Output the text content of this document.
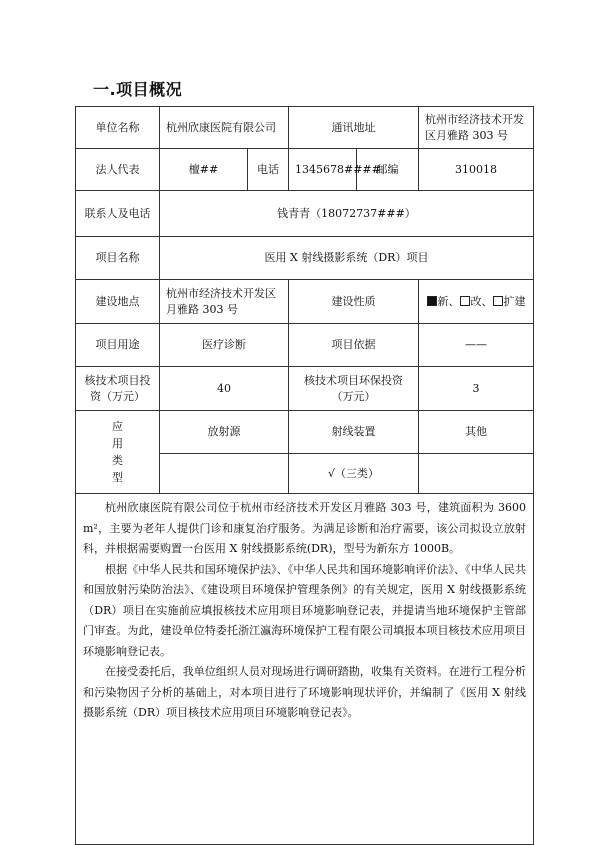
一.项目概况
单位名称	杭州欣康医院有限公司		通讯地址		杭州市经济技术开发区月雅路 303 号
法人代表	檀##	电话	1345678####	邮编	310018
联系人及电话	钱青青（18072737###）				
项目名称	医用 X 射线摄影系统（DR）项目				
建设地点	杭州市经济技术开发区月雅路 303 号		建设性质		新、 改、 扩建
项目用途	医疗诊断		项目依据		——
核技术项目投资（万元）	40		核技术项目环保投资（万元）		3
应
用
类
型	放射源		射线装置		其他
			√（三类）		

杭州欣康医院有限公司位于杭州市经济技术开发区月雅路 303 号，建筑面积为 3600 m²，主要为老年人提供门诊和康复治疗服务。为满足诊断和治疗需要，该公司拟设立放射科，并根据需要购置一台医用 X 射线摄影系统(DR)，型号为新东方 1000B。

根据《中华人民共和国环境保护法》、《中华人民共和国环境影响评价法》、《中华人民共和国放射污染防治法》、《建设项目环境保护管理条例》的有关规定，医用 X 射线摄影系统（DR）项目在实施前应填报核技术应用项目环境影响登记表，并提请当地环境保护主管部门审查。为此，建设单位特委托浙江瀛海环境保护工程有限公司填报本项目核技术应用项目环境影响登记表。

在接受委托后，我单位组织人员对现场进行调研踏勘，收集有关资料。在进行工程分析和污染物因子分析的基础上，对本项目进行了环境影响现状评价，并编制了《医用 X 射线摄影系统（DR）项目核技术应用项目环境影响登记表》。					
